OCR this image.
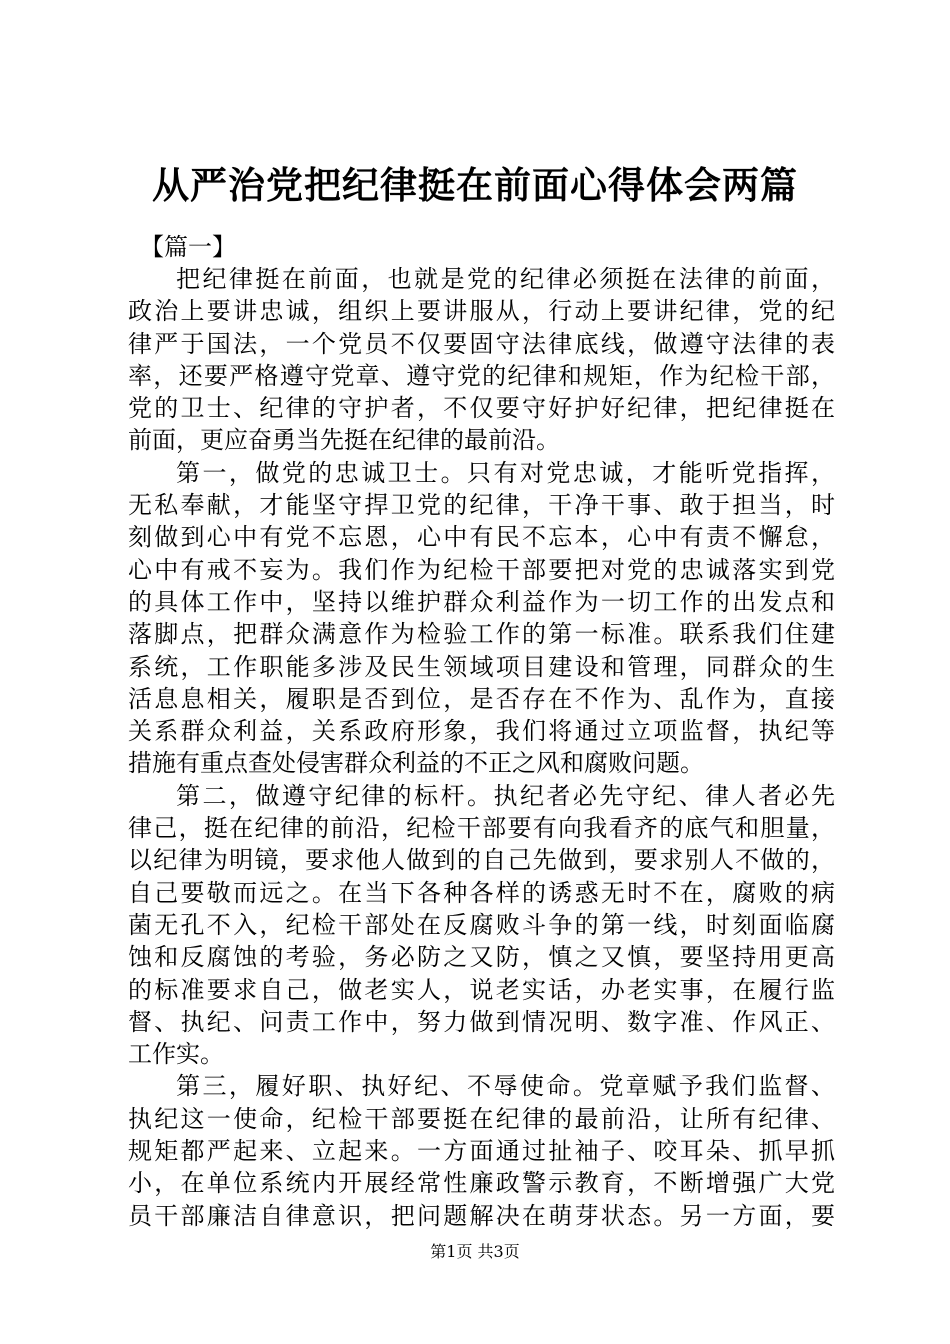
从严治党把纪律挺在前面心得体会两篇
【篇一】
把纪律挺在前面，也就是党的纪律必须挺在法律的前面，
政治上要讲忠诚，组织上要讲服从，行动上要讲纪律，党的纪
律严于国法，一个党员不仅要固守法律底线，做遵守法律的表
率，还要严格遵守党章、遵守党的纪律和规矩，作为纪检干部，
党的卫士、纪律的守护者，不仅要守好护好纪律，把纪律挺在
前面，更应奋勇当先挺在纪律的最前沿。
第一，做党的忠诚卫士。只有对党忠诚，才能听党指挥，
无私奉献，才能坚守捍卫党的纪律，干净干事、敢于担当，时
刻做到心中有党不忘恩，心中有民不忘本，心中有责不懈怠，
心中有戒不妄为。我们作为纪检干部要把对党的忠诚落实到党
的具体工作中，坚持以维护群众利益作为一切工作的出发点和
落脚点，把群众满意作为检验工作的第一标准。联系我们住建
系统，工作职能多涉及民生领域项目建设和管理，同群众的生
活息息相关，履职是否到位，是否存在不作为、乱作为，直接
关系群众利益，关系政府形象，我们将通过立项监督，执纪等
措施有重点查处侵害群众利益的不正之风和腐败问题。
第二，做遵守纪律的标杆。执纪者必先守纪、律人者必先
律己，挺在纪律的前沿，纪检干部要有向我看齐的底气和胆量，
以纪律为明镜，要求他人做到的自己先做到，要求别人不做的，
自己要敬而远之。在当下各种各样的诱惑无时不在，腐败的病
菌无孔不入，纪检干部处在反腐败斗争的第一线，时刻面临腐
蚀和反腐蚀的考验，务必防之又防，慎之又慎，要坚持用更高
的标准要求自己，做老实人，说老实话，办老实事，在履行监
督、执纪、问责工作中，努力做到情况明、数字准、作风正、
工作实。
第三，履好职、执好纪、不辱使命。党章赋予我们监督、
执纪这一使命，纪检干部要挺在纪律的最前沿，让所有纪律、
规矩都严起来、立起来。一方面通过扯袖子、咬耳朵、抓早抓
小，在单位系统内开展经常性廉政警示教育，不断增强广大党
员干部廉洁自律意识，把问题解决在萌芽状态。另一方面，要
第1页 共3页
